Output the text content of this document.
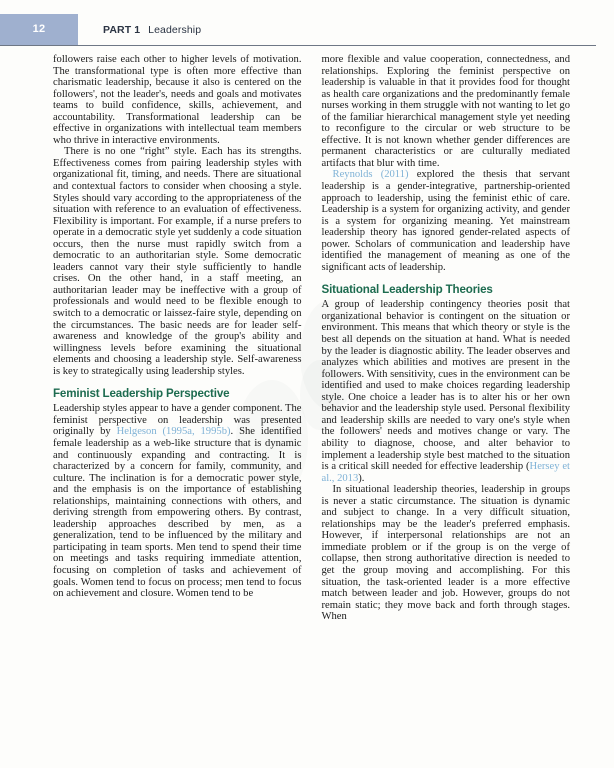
12	PART 1 Leadership

followers raise each other to higher levels of motivation. The transformational type is often more effective than charismatic leadership, because it also is centered on the followers', not the leader's, needs and goals and motivates teams to build confidence, skills, achievement, and accountability. Transformational leadership can be effective in organizations with intellectual team members who thrive in interactive environments.

There is no one “right” style. Each has its strengths. Effectiveness comes from pairing leadership styles with organizational fit, timing, and needs. There are situational and contextual factors to consider when choosing a style. Styles should vary according to the appropriateness of the situation with reference to an evaluation of effectiveness. Flexibility is important. For example, if a nurse prefers to operate in a democratic style yet suddenly a code situation occurs, then the nurse must rapidly switch from a democratic to an authoritarian style. Some democratic leaders cannot vary their style sufficiently to handle crises. On the other hand, in a staff meeting, an authoritarian leader may be ineffective with a group of professionals and would need to be flexible enough to switch to a democratic or laissez-faire style, depending on the circumstances. The basic needs are for leader self-awareness and knowledge of the group's ability and willingness levels before examining the situational elements and choosing a leadership style. Self-awareness is key to strategically using leadership styles.

Feminist Leadership Perspective

Leadership styles appear to have a gender component. The feminist perspective on leadership was presented originally by Helgeson (1995a, 1995b). She identified female leadership as a web-like structure that is dynamic and continuously expanding and contracting. It is characterized by a concern for family, community, and culture. The inclination is for a democratic power style, and the emphasis is on the importance of establishing relationships, maintaining connections with others, and deriving strength from empowering others. By contrast, leadership approaches described by men, as a generalization, tend to be influenced by the military and participating in team sports. Men tend to spend their time on meetings and tasks requiring immediate attention, focusing on completion of tasks and achievement of goals. Women tend to focus on process; men tend to focus on achievement and closure. Women tend to be

more flexible and value cooperation, connectedness, and relationships. Exploring the feminist perspective on leadership is valuable in that it provides food for thought as health care organizations and the predominantly female nurses working in them struggle with not wanting to let go of the familiar hierarchical management style yet needing to reconfigure to the circular or web structure to be effective. It is not known whether gender differences are permanent characteristics or are culturally mediated artifacts that blur with time.

Reynolds (2011) explored the thesis that servant leadership is a gender-integrative, partnership-oriented approach to leadership, using the feminist ethic of care. Leadership is a system for organizing activity, and gender is a system for organizing meaning. Yet mainstream leadership theory has ignored gender-related aspects of power. Scholars of communication and leadership have identified the management of meaning as one of the significant acts of leadership.

Situational Leadership Theories

A group of leadership contingency theories posit that organizational behavior is contingent on the situation or environment. This means that which theory or style is the best all depends on the situation at hand. What is needed by the leader is diagnostic ability. The leader observes and analyzes which abilities and motives are present in the followers. With sensitivity, cues in the environment can be identified and used to make choices regarding leadership style. One choice a leader has is to alter his or her own behavior and the leadership style used. Personal flexibility and leadership skills are needed to vary one's style when the followers' needs and motives change or vary. The ability to diagnose, choose, and alter behavior to implement a leadership style best matched to the situation is a critical skill needed for effective leadership (Hersey et al., 2013).

In situational leadership theories, leadership in groups is never a static circumstance. The situation is dynamic and subject to change. In a very difficult situation, relationships may be the leader's preferred emphasis. However, if interpersonal relationships are not an immediate problem or if the group is on the verge of collapse, then strong authoritative direction is needed to get the group moving and accomplishing. For this situation, the task-oriented leader is a more effective match between leader and job. However, groups do not remain static; they move back and forth through stages. When
